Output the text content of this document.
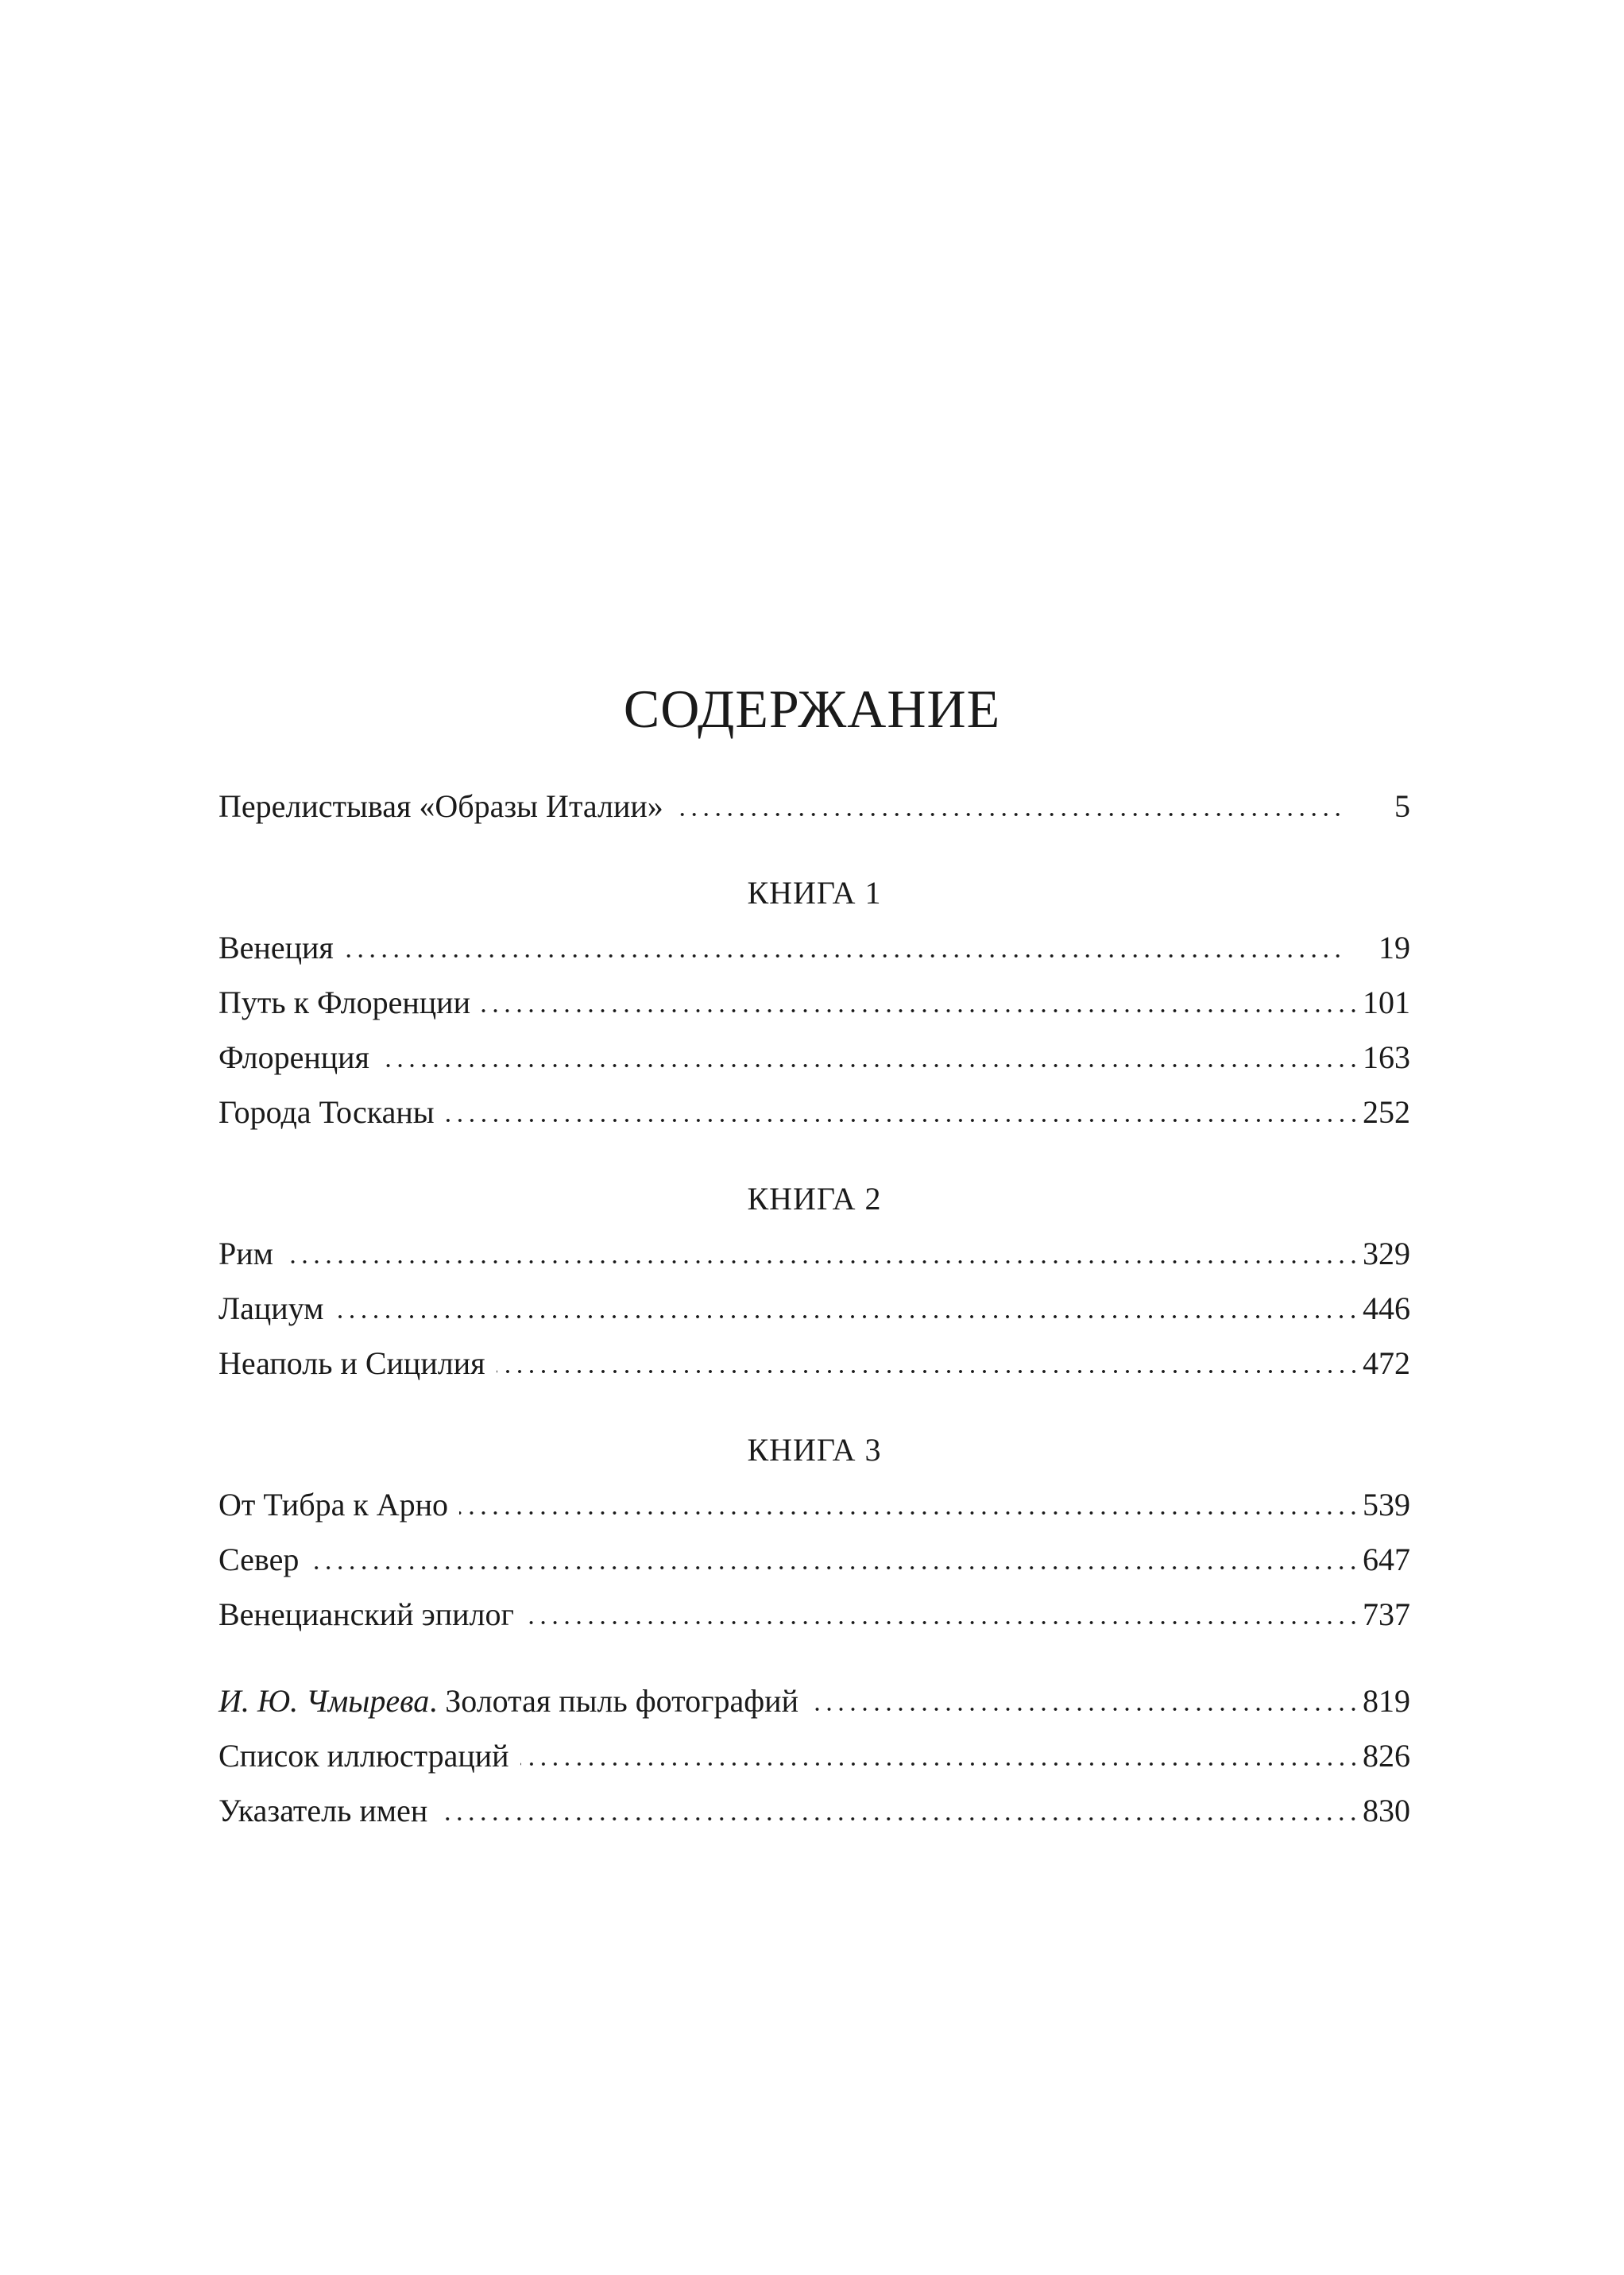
СОДЕРЖАНИЕ
Перелистывая «Образы Италии»	5
КНИГА 1
Венеция	19
Путь к Флоренции	101
Флоренция	163
Города Тосканы	252
КНИГА 2
Рим	329
Лациум	446
Неаполь и Сицилия	472
КНИГА 3
От Тибра к Арно	539
Север	647
Венецианский эпилог	737
И. Ю. Чмырева. Золотая пыль фотографий	819
Список иллюстраций	826
Указатель имен	830
